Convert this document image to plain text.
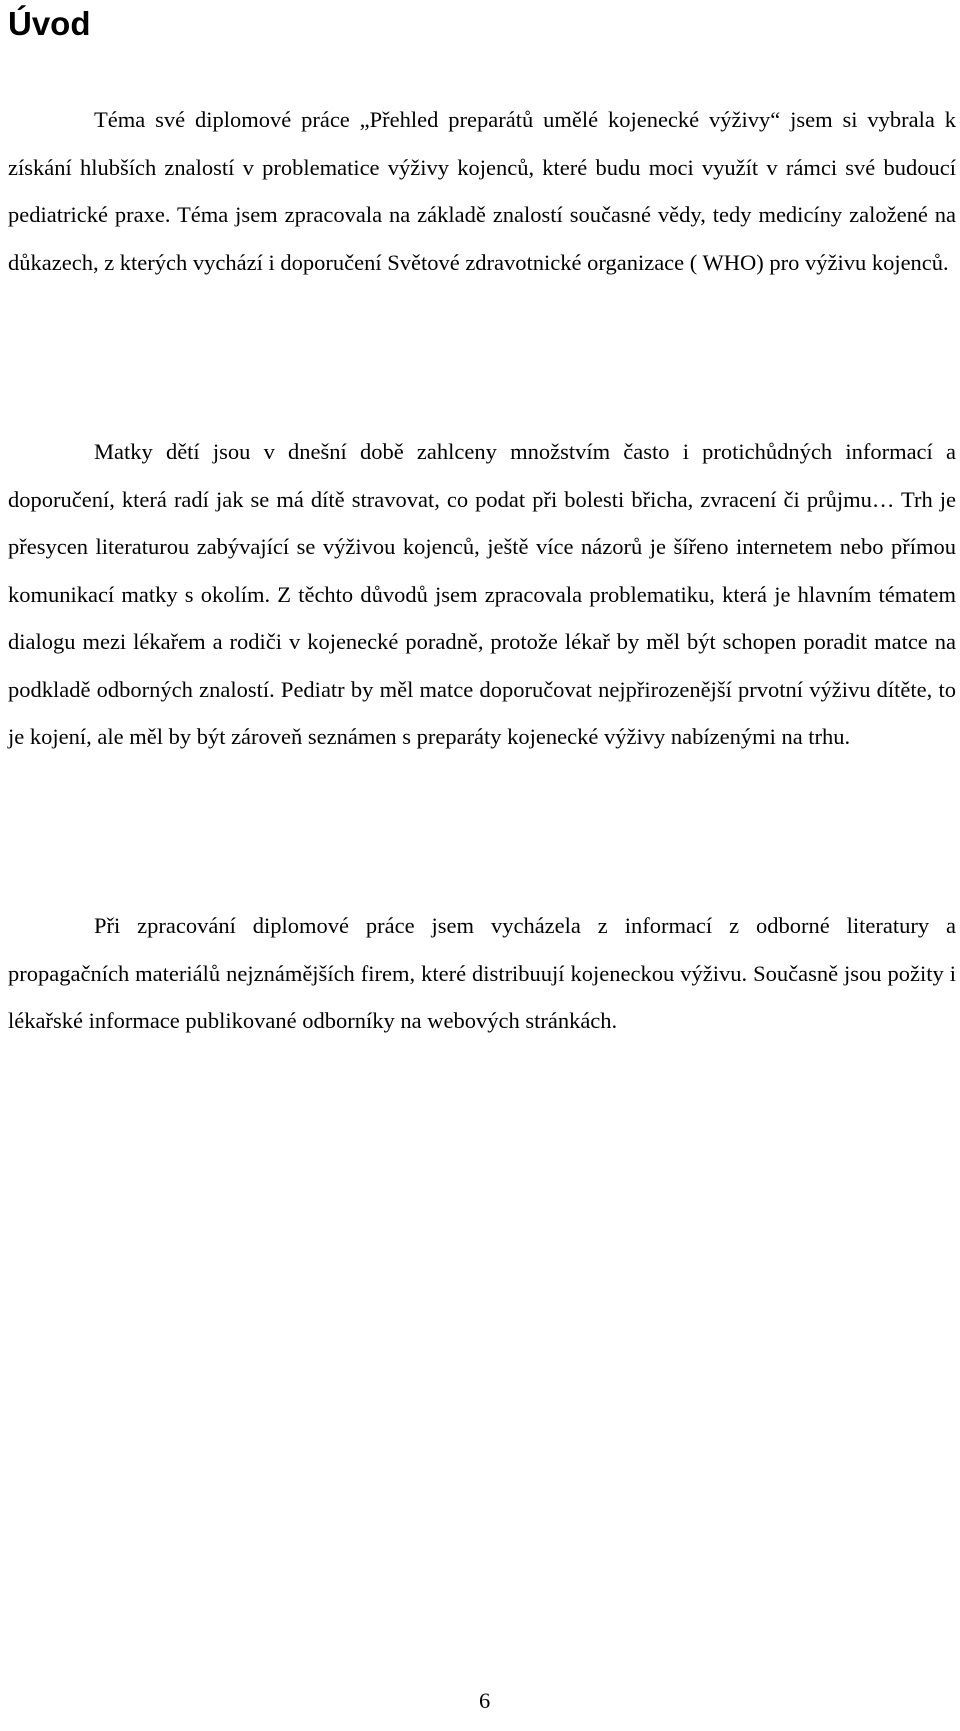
Úvod

Téma své diplomové práce „Přehled preparátů umělé kojenecké výživy“ jsem si vybrala k získání hlubších znalostí v problematice výživy kojenců, které budu moci využít v rámci své budoucí pediatrické praxe. Téma jsem zpracovala na základě znalostí současné vědy, tedy medicíny založené na důkazech, z kterých vychází i doporučení Světové zdravotnické organizace ( WHO) pro výživu kojenců.

Matky dětí jsou v dnešní době zahlceny množstvím často i protichůdných informací a doporučení, která radí jak se má dítě stravovat, co podat při bolesti břicha, zvracení či průjmu… Trh je přesycen literaturou zabývající se výživou kojenců, ještě více názorů je šířeno internetem nebo přímou komunikací matky s okolím. Z těchto důvodů jsem zpracovala problematiku, která je hlavním tématem dialogu mezi lékařem a rodiči v kojenecké poradně, protože lékař by měl být schopen poradit matce na podkladě odborných znalostí. Pediatr by měl matce doporučovat nejpřirozenější prvotní výživu dítěte, to je kojení, ale měl by být zároveň seznámen s preparáty kojenecké výživy nabízenými na trhu.

Při zpracování diplomové práce jsem vycházela z informací z odborné literatury a propagačních materiálů nejznámějších firem, které distribuují kojeneckou výživu. Současně jsou požity i lékařské informace publikované odborníky na webových stránkách.

6
